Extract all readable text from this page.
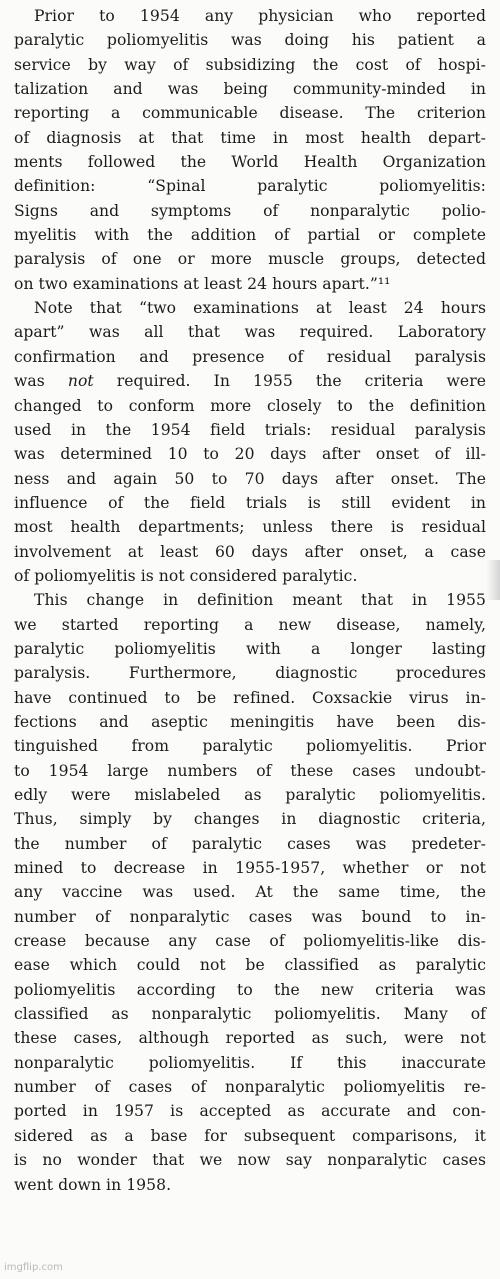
Prior to 1954 any physician who reported
paralytic poliomyelitis was doing his patient a
service by way of subsidizing the cost of hospi-
talization and was being community-minded in
reporting a communicable disease. The criterion
of diagnosis at that time in most health depart-
ments followed the World Health Organization
definition: “Spinal paralytic poliomyelitis:
Signs and symptoms of nonparalytic polio-
myelitis with the addition of partial or complete
paralysis of one or more muscle groups, detected
on two examinations at least 24 hours apart.”¹¹
Note that “two examinations at least 24 hours
apart” was all that was required. Laboratory
confirmation and presence of residual paralysis
was not required. In 1955 the criteria were
changed to conform more closely to the definition
used in the 1954 field trials: residual paralysis
was determined 10 to 20 days after onset of ill-
ness and again 50 to 70 days after onset. The
influence of the field trials is still evident in
most health departments; unless there is residual
involvement at least 60 days after onset, a case
of poliomyelitis is not considered paralytic.
This change in definition meant that in 1955
we started reporting a new disease, namely,
paralytic poliomyelitis with a longer lasting
paralysis. Furthermore, diagnostic procedures
have continued to be refined. Coxsackie virus in-
fections and aseptic meningitis have been dis-
tinguished from paralytic poliomyelitis. Prior
to 1954 large numbers of these cases undoubt-
edly were mislabeled as paralytic poliomyelitis.
Thus, simply by changes in diagnostic criteria,
the number of paralytic cases was predeter-
mined to decrease in 1955-1957, whether or not
any vaccine was used. At the same time, the
number of nonparalytic cases was bound to in-
crease because any case of poliomyelitis-like dis-
ease which could not be classified as paralytic
poliomyelitis according to the new criteria was
classified as nonparalytic poliomyelitis. Many of
these cases, although reported as such, were not
nonparalytic poliomyelitis. If this inaccurate
number of cases of nonparalytic poliomyelitis re-
ported in 1957 is accepted as accurate and con-
sidered as a base for subsequent comparisons, it
is no wonder that we now say nonparalytic cases
went down in 1958.
imgflip.com
